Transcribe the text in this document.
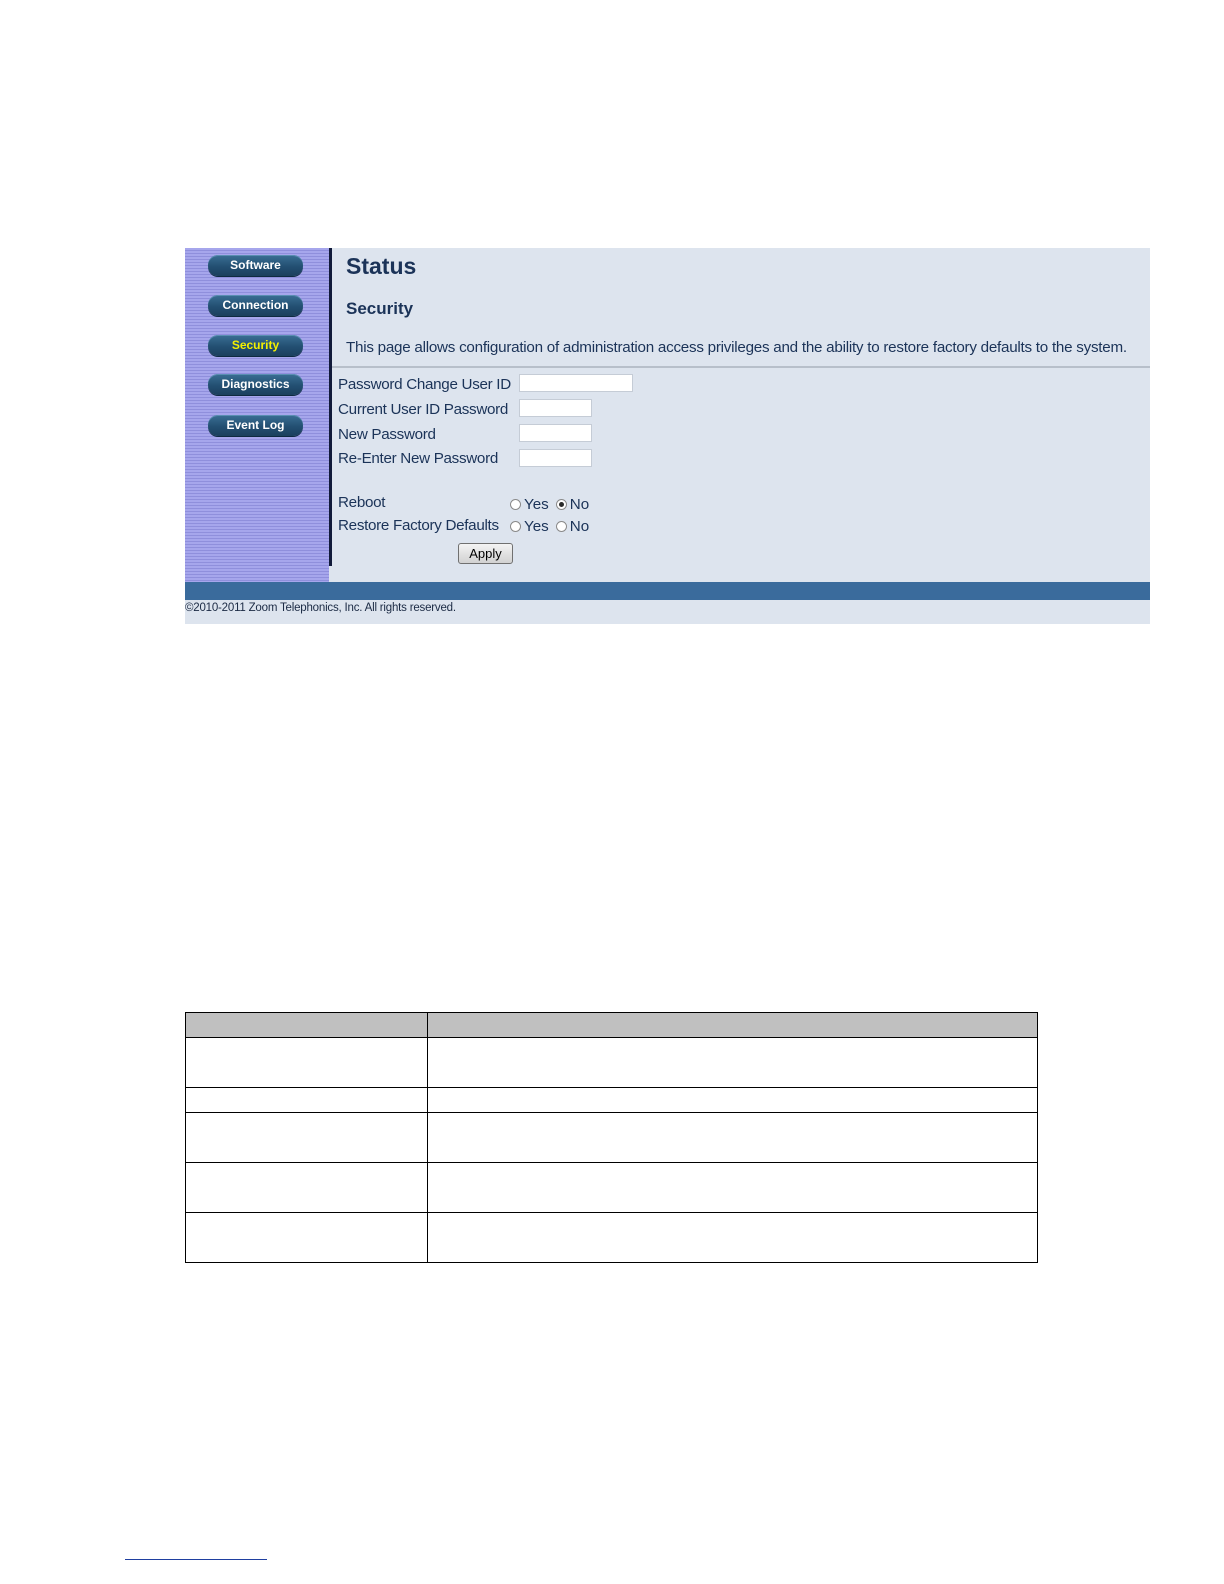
Software
Connection
Security
Diagnostics
Event Log
Status
Security
This page allows configuration of administration access privileges and the ability to restore factory defaults to the system.
Password Change User ID
Current User ID Password
New Password
Re-Enter New Password
Reboot	Yes No
Restore Factory Defaults Yes No
Apply
©2010-2011 Zoom Telephonics, Inc. All rights reserved.
